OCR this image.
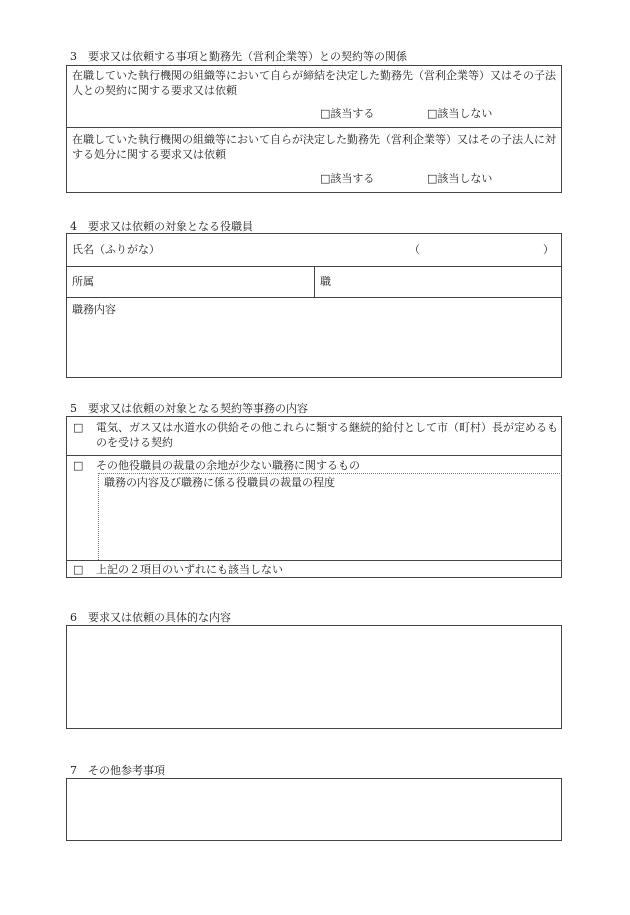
3　要求又は依頼する事項と勤務先（営利企業等）との契約等の関係
在職していた執行機関の組織等において自らが締結を決定した勤務先（営利企業等）又はその子法人との契約に関する要求又は依頼
□該当する	□該当しない
在職していた執行機関の組織等において自らが決定した勤務先（営利企業等）又はその子法人に対する処分に関する要求又は依頼
□該当する	□該当しない
4　要求又は依頼の対象となる役職員
氏名（ふりがな）	（	）
所属	職
職務内容
5　要求又は依頼の対象となる契約等事務の内容
□ 電気、ガス又は水道水の供給その他これらに類する継続的給付として市（町村）長が定めるものを受ける契約
□ その他役職員の裁量の余地が少ない職務に関するもの
職務の内容及び職務に係る役職員の裁量の程度
□ 上記の２項目のいずれにも該当しない
6　要求又は依頼の具体的な内容
7　その他参考事項
